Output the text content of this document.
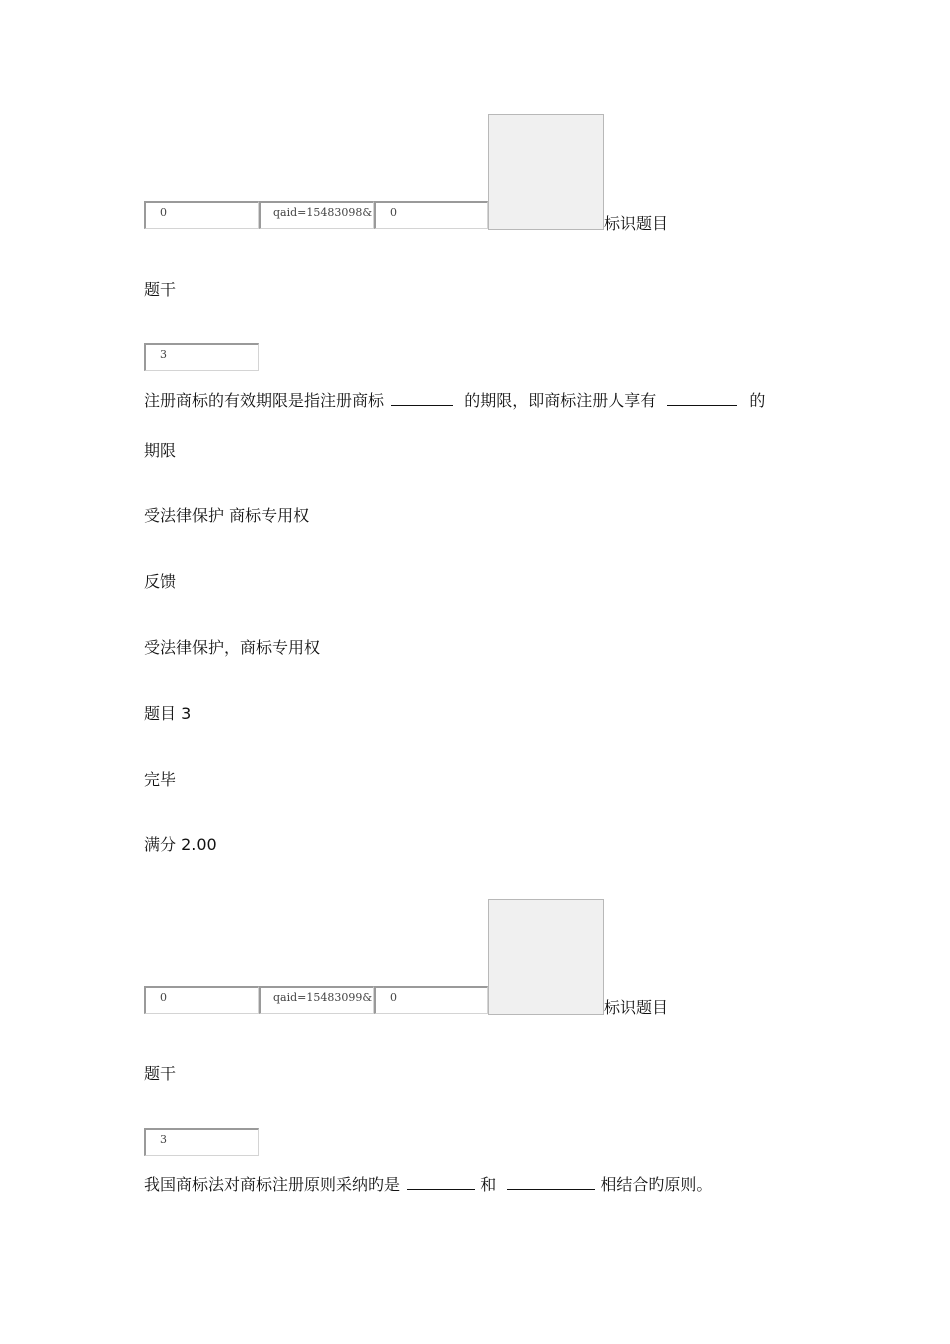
0	qaid=15483098&	0
标识题目
题干
3
注册商标的有效期限是指注册商标	的期限，即商标注册人享有	的
期限
受法律保护 商标专用权
反馈
受法律保护，商标专用权
题目 3
完毕
满分 2.00
0	qaid=15483099&	0
标识题目
题干
3
我国商标法对商标注册原则采纳旳是	和	相结合旳原则。
